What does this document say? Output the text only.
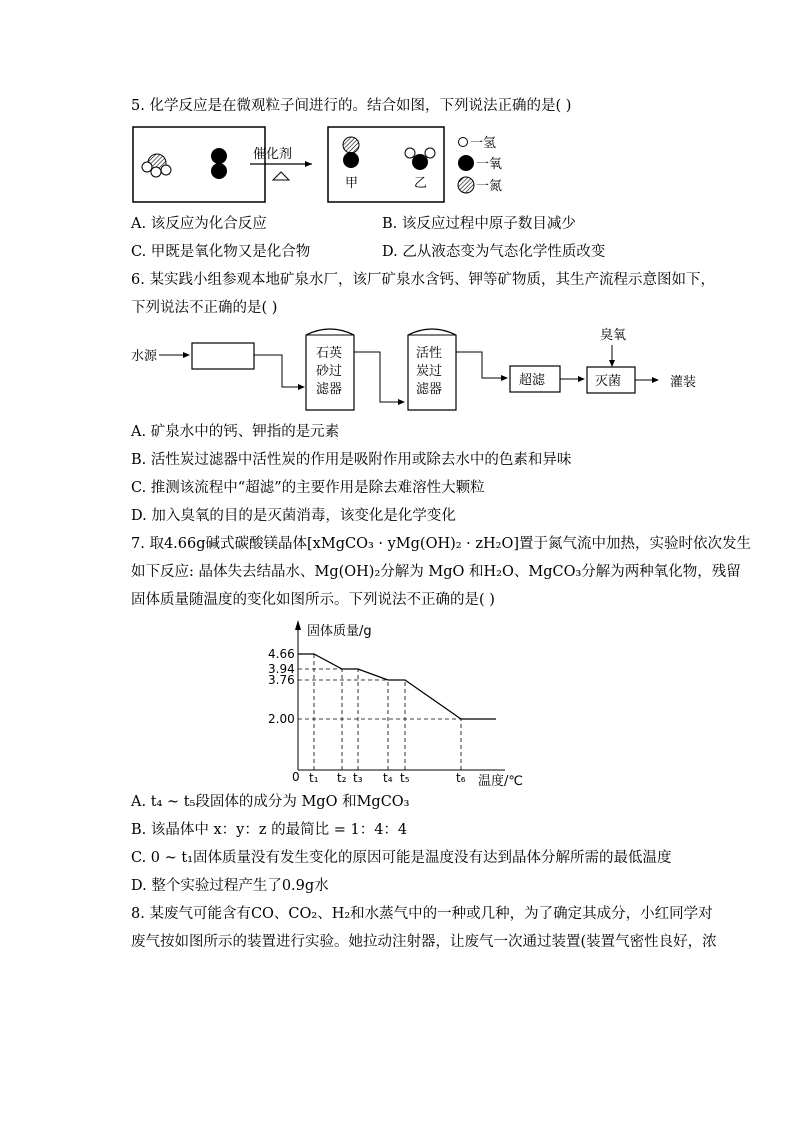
5. 化学反应是在微观粒子间进行的。结合如图，下列说法正确的是( )
催化剂
甲	乙
一氢
一氧
一氮
A. 该反应为化合反应	B. 该反应过程中原子数目减少
C. 甲既是氧化物又是化合物	D. 乙从液态变为气态化学性质改变
6. 某实践小组参观本地矿泉水厂，该厂矿泉水含钙、钾等矿物质，其生产流程示意图如下，
下列说法不正确的是( )
水源	石英
砂过
滤器
活性
炭过
滤器
超滤
臭氧
灭菌	灌装
A. 矿泉水中的钙、钾指的是元素
B. 活性炭过滤器中活性炭的作用是吸附作用或除去水中的色素和异味
C. 推测该流程中“超滤”的主要作用是除去难溶性大颗粒
D. 加入臭氧的目的是灭菌消毒，该变化是化学变化
7. 取4.66g碱式碳酸镁晶体[xMgCO₃ · yMg(OH)₂ · zH₂O]置于氮气流中加热，实验时依次发生
如下反应: 晶体失去结晶水、Mg(OH)₂分解为 MgO 和H₂O、MgCO₃分解为两种氧化物，残留
固体质量随温度的变化如图所示。下列说法不正确的是( )
固体质量/g
温度/℃
0
4.66
3.94
3.76
2.00
t₁ t₂ t₃ t₄ t₅	t₆
A. t₄ ~ t₅段固体的成分为 MgO 和MgCO₃
B. 该晶体中 x：y：z 的最简比 = 1：4：4
C. 0 ~ t₁固体质量没有发生变化的原因可能是温度没有达到晶体分解所需的最低温度
D. 整个实验过程产生了0.9g水
8. 某废气可能含有CO、CO₂、H₂和水蒸气中的一种或几种，为了确定其成分，小红同学对
废气按如图所示的装置进行实验。她拉动注射器，让废气一次通过装置(装置气密性良好，浓
